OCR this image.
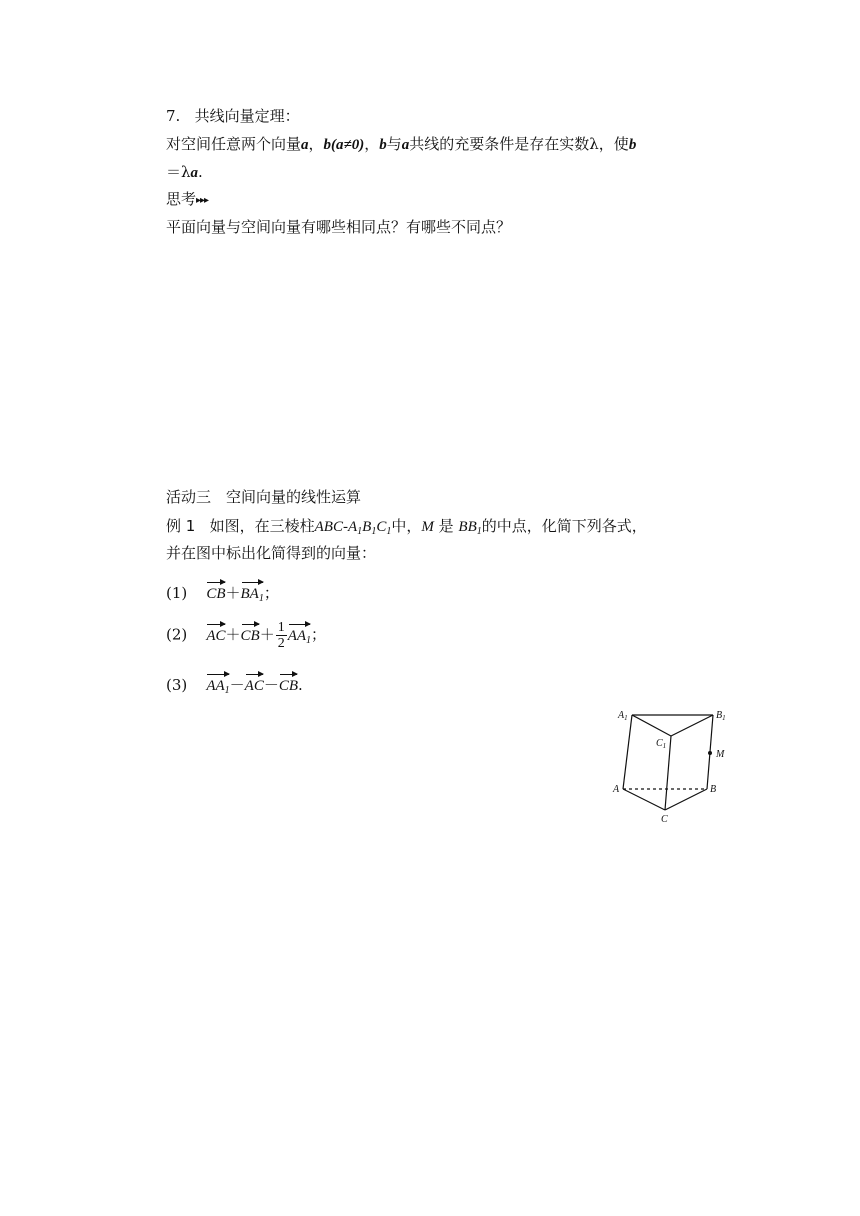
7. 共线向量定理：
对空间任意两个向量a，b(a≠0)，b与a共线的充要条件是存在实数λ，使b
＝λa.
思考▸▸▸
平面向量与空间向量有哪些相同点？有哪些不同点？
活动三　空间向量的线性运算
例 1 如图，在三棱柱ABC-$A_1B_1C_1$中，M 是 $BB_1$的中点，化简下列各式，
并在图中标出化简得到的向量：
(1) $CB+BA_1$；
(2) $AC+CB+ \frac{1}{2} AA_1$；
(3) $AA_1-AC-CB$.
$A_1$	$B_1$
$C_1$
M
A	B
C
